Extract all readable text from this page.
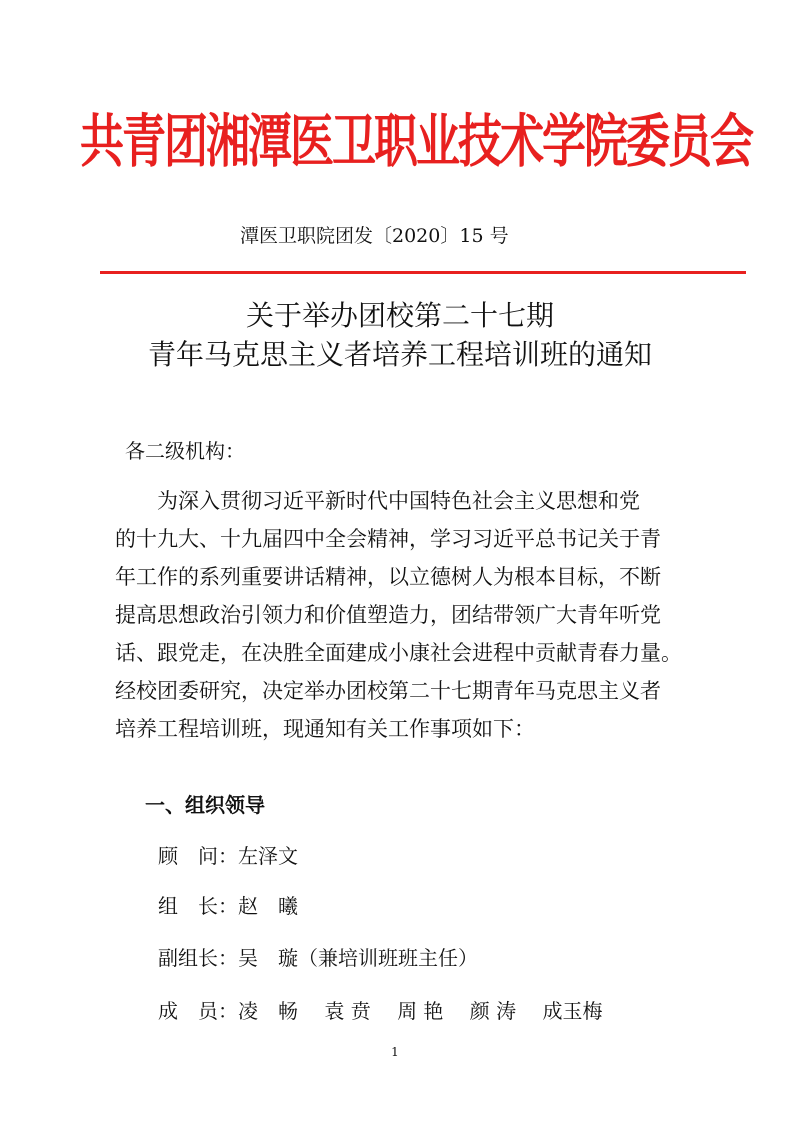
共青团湘潭医卫职业技术学院委员会
潭医卫职院团发〔2020〕15 号
关于举办团校第二十七期
青年马克思主义者培养工程培训班的通知
各二级机构：
为深入贯彻习近平新时代中国特色社会主义思想和党
的十九大、十九届四中全会精神，学习习近平总书记关于青
年工作的系列重要讲话精神，以立德树人为根本目标，不断
提高思想政治引领力和价值塑造力，团结带领广大青年听党
话、跟党走，在决胜全面建成小康社会进程中贡献青春力量。
经校团委研究，决定举办团校第二十七期青年马克思主义者
培养工程培训班，现通知有关工作事项如下：
一、组织领导
顾　问：左泽文
组　长：赵　曦
副组长：吴　璇（兼培训班班主任）
成　员：凌　畅　 袁 贲　 周 艳　 颜 涛　 成玉梅
1
